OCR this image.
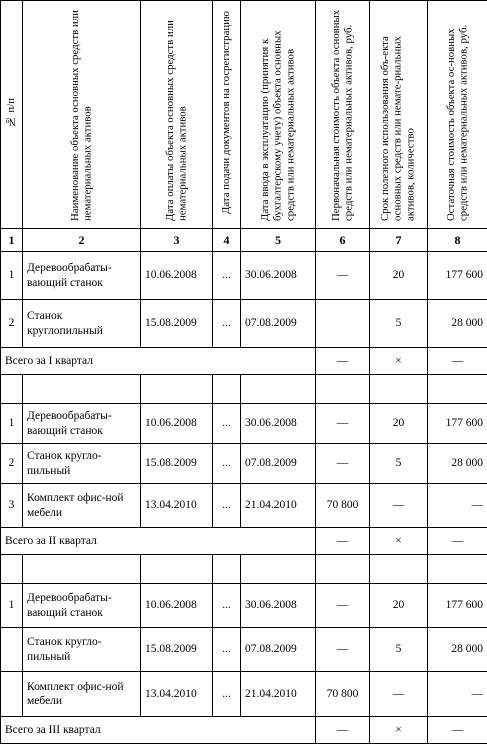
№ п/п	Наименование объекта основных средств или нематериальных активов	Дата оплаты объекта основных средств или нематериальных активов	Дата подачи документов на госрегистрацию	Дата ввода в эксплуатацию (принятия к бухгалтерскому учету) объекта основных средств или нематериальных активов	Первоначальная стоимость объекта основных средств или нематериальных активов, руб.	Срок полезного использования объ-екта основных средств или немате-риальных активов, количество	Остаточная стоимость объекта ос-новных средств или нематериальных активов, руб.
1	2	3	4	5	6	7	8
1	Деревообрабаты-вающий станок	10.06.2008	...	30.06.2008	—	20	177 600
2	Станок круглопильный	15.08.2009	...	07.08.2009		5	28 000
Всего за I квартал					—	×	—

1	Деревообрабаты-вающий станок	10.06.2008	...	30.06.2008	—	20	177 600
2	Станок кругло-пильный	15.08.2009	...	07.08.2009	—	5	28 000
3	Комплект офис-ной мебели	13.04.2010	...	21.04.2010	70 800	—	—
Всего за II квартал					—	×	—

1	Деревообрабаты-вающий станок	10.06.2008	...	30.06.2008	—	20	177 600
	Станок кругло-пильный	15.08.2009	...	07.08.2009	—	5	28 000
	Комплект офис-ной мебели	13.04.2010	...	21.04.2010	70 800	—	—
Всего за III квартал					—	×	—
